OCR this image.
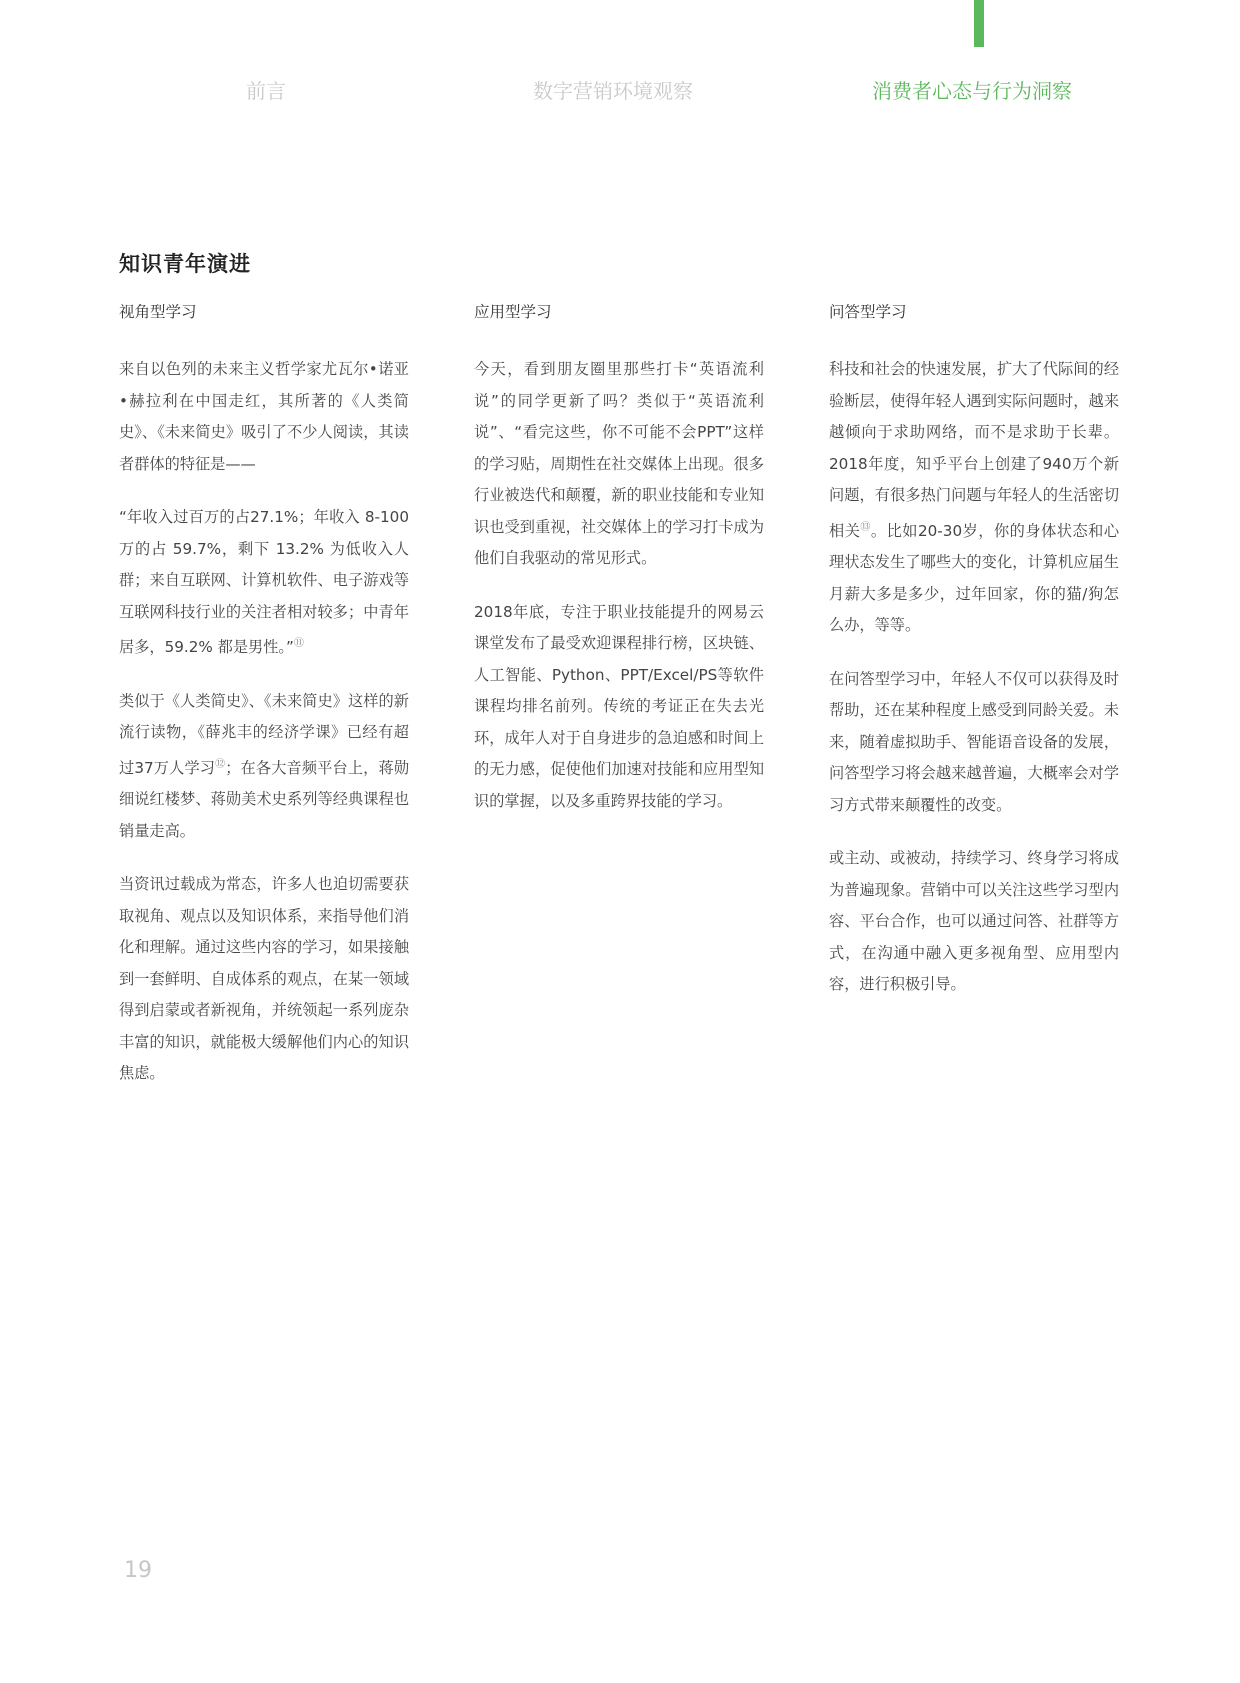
前言	数字营销环境观察	消费者心态与行为洞察
知识青年演进
视角型学习

来自以色列的未来主义哲学家尤瓦尔•诺亚•赫拉利在中国走红，其所著的《人类简史》、《未来简史》吸引了不少人阅读，其读者群体的特征是——

“年收入过百万的占27.1%；年收入 8-100万的占 59.7%，剩下 13.2% 为低收入人群；来自互联网、计算机软件、电子游戏等互联网科技行业的关注者相对较多；中青年居多，59.2% 都是男性。”⑪

类似于《人类简史》、《未来简史》这样的新流行读物，《薛兆丰的经济学课》已经有超过37万人学习⑫；在各大音频平台上，蒋勋细说红楼梦、蒋勋美术史系列等经典课程也销量走高。

当资讯过载成为常态，许多人也迫切需要获取视角、观点以及知识体系，来指导他们消化和理解。通过这些内容的学习，如果接触到一套鲜明、自成体系的观点，在某一领域得到启蒙或者新视角，并统领起一系列庞杂丰富的知识，就能极大缓解他们内心的知识焦虑。

应用型学习

今天，看到朋友圈里那些打卡“英语流利说”的同学更新了吗？类似于“英语流利说”、“看完这些，你不可能不会PPT”这样的学习贴，周期性在社交媒体上出现。很多行业被迭代和颠覆，新的职业技能和专业知识也受到重视，社交媒体上的学习打卡成为他们自我驱动的常见形式。

2018年底，专注于职业技能提升的网易云课堂发布了最受欢迎课程排行榜，区块链、人工智能、Python、PPT/Excel/PS等软件课程均排名前列。传统的考证正在失去光环，成年人对于自身进步的急迫感和时间上的无力感，促使他们加速对技能和应用型知识的掌握，以及多重跨界技能的学习。

问答型学习

科技和社会的快速发展，扩大了代际间的经验断层，使得年轻人遇到实际问题时，越来越倾向于求助网络，而不是求助于长辈。2018年度，知乎平台上创建了940万个新问题，有很多热门问题与年轻人的生活密切相关⑬。比如20-30岁，你的身体状态和心理状态发生了哪些大的变化，计算机应届生月薪大多是多少，过年回家，你的猫/狗怎么办，等等。

在问答型学习中，年轻人不仅可以获得及时帮助，还在某种程度上感受到同龄关爱。未来，随着虚拟助手、智能语音设备的发展，问答型学习将会越来越普遍，大概率会对学习方式带来颠覆性的改变。

或主动、或被动，持续学习、终身学习将成为普遍现象。营销中可以关注这些学习型内容、平台合作，也可以通过问答、社群等方式，在沟通中融入更多视角型、应用型内容，进行积极引导。

19
